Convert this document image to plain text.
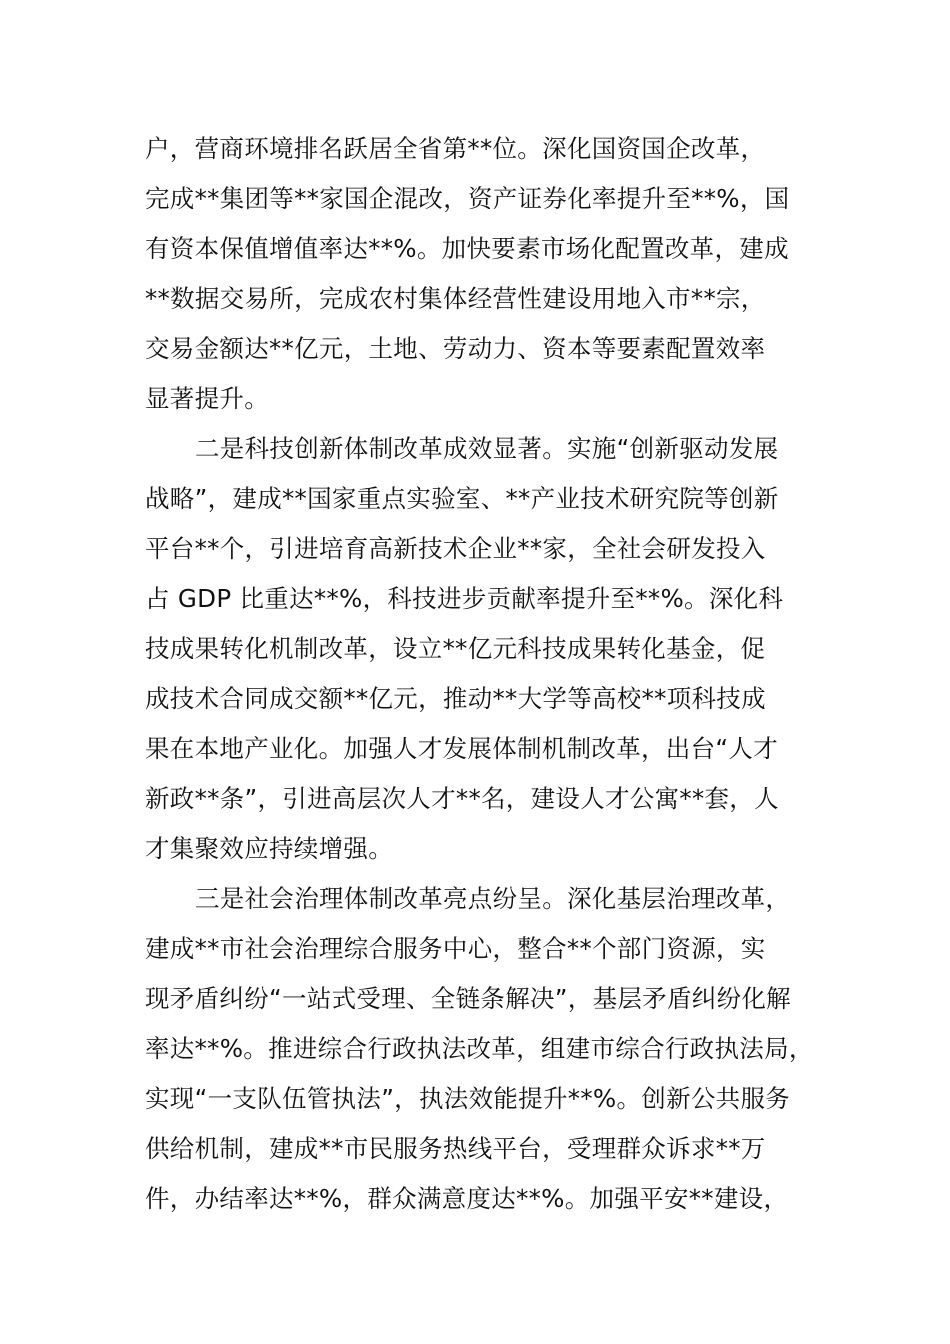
户，营商环境排名跃居全省第**位。深化国资国企改革，
完成**集团等**家国企混改，资产证券化率提升至**%，国
有资本保值增值率达**%。加快要素市场化配置改革，建成
**数据交易所，完成农村集体经营性建设用地入市**宗，
交易金额达**亿元，土地、劳动力、资本等要素配置效率
显著提升。
二是科技创新体制改革成效显著。实施“创新驱动发展
战略”，建成**国家重点实验室、**产业技术研究院等创新
平台**个，引进培育高新技术企业**家，全社会研发投入
占 GDP 比重达**%，科技进步贡献率提升至**%。深化科
技成果转化机制改革，设立**亿元科技成果转化基金，促
成技术合同成交额**亿元，推动**大学等高校**项科技成
果在本地产业化。加强人才发展体制机制改革，出台“人才
新政**条”，引进高层次人才**名，建设人才公寓**套，人
才集聚效应持续增强。
三是社会治理体制改革亮点纷呈。深化基层治理改革，
建成**市社会治理综合服务中心，整合**个部门资源，实
现矛盾纠纷“一站式受理、全链条解决”，基层矛盾纠纷化解
率达**%。推进综合行政执法改革，组建市综合行政执法局，
实现“一支队伍管执法”，执法效能提升**%。创新公共服务
供给机制，建成**市民服务热线平台，受理群众诉求**万
件，办结率达**%，群众满意度达**%。加强平安**建设，
